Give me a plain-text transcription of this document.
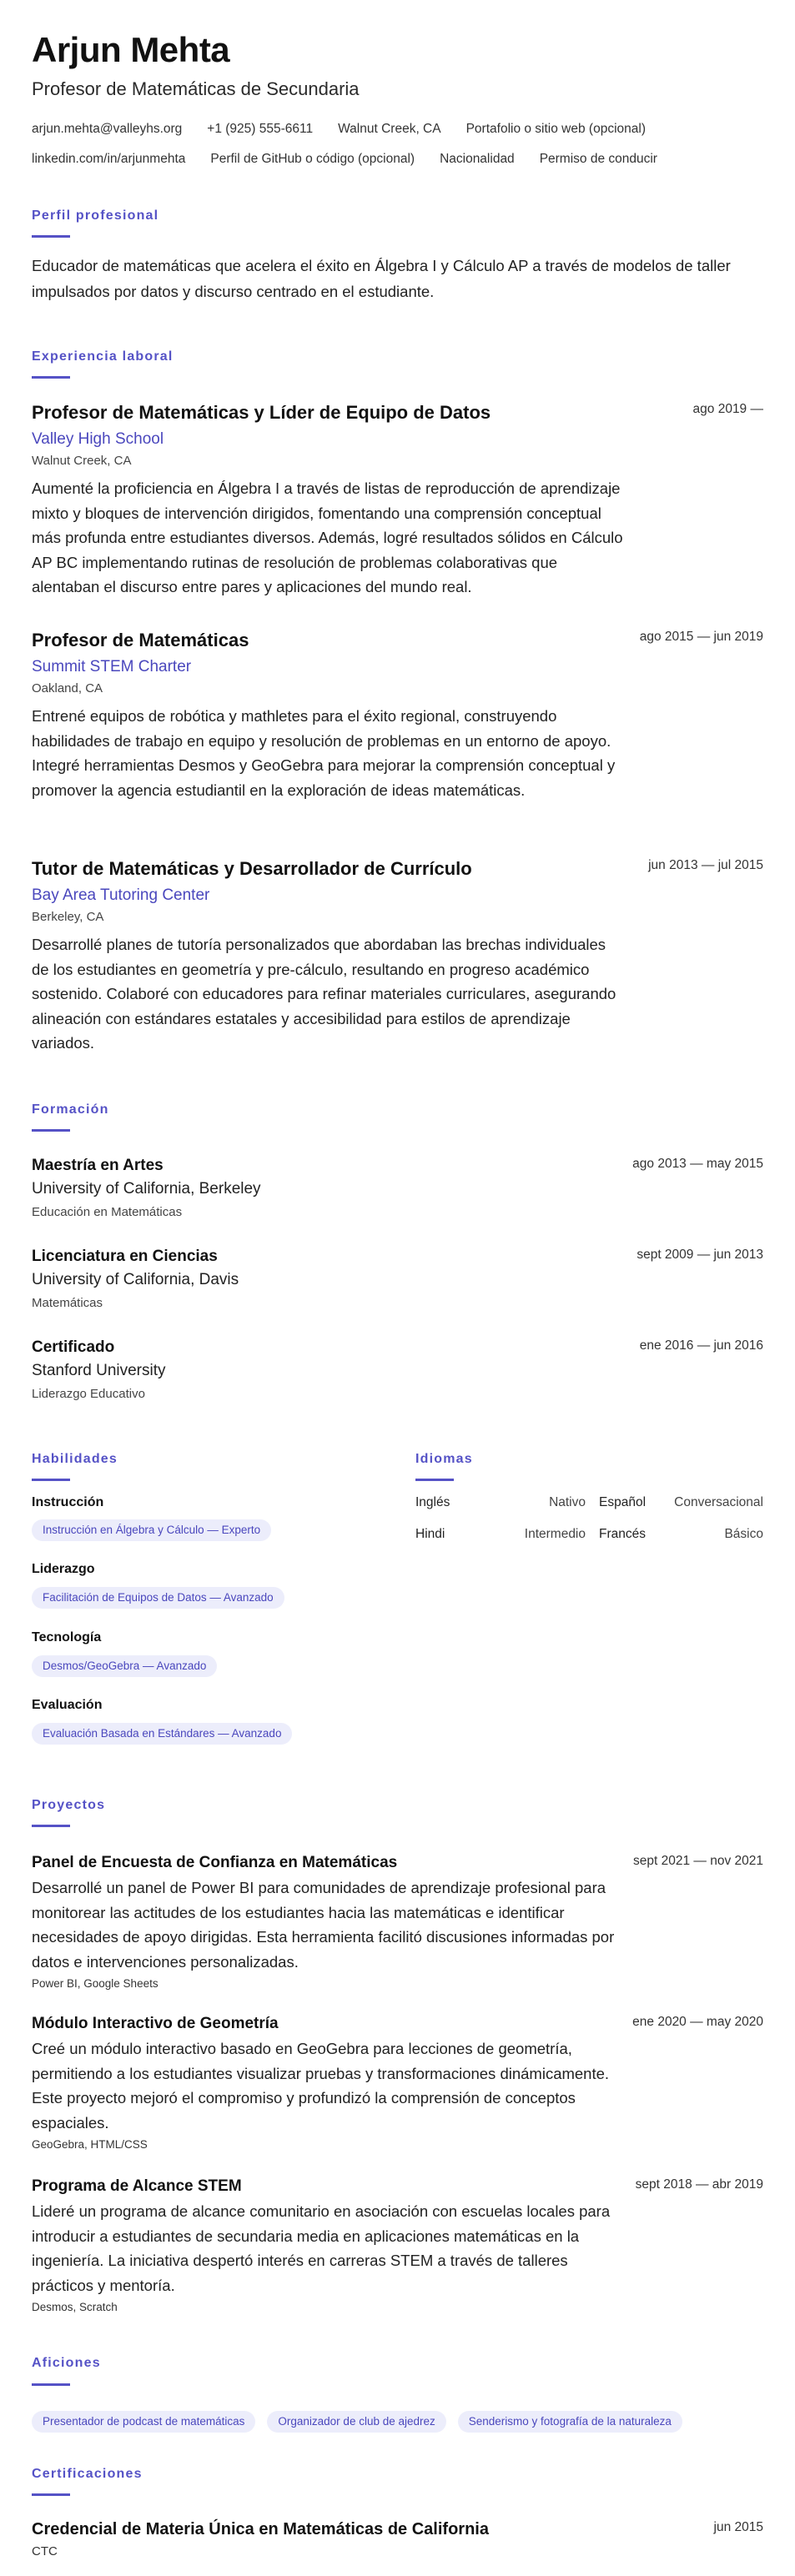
Arjun Mehta
Profesor de Matemáticas de Secundaria
arjun.mehta@valleyhs.org +1 (925) 555-6611 Walnut Creek, CA Portafolio o sitio web (opcional)
linkedin.com/in/arjunmehta Perfil de GitHub o código (opcional) Nacionalidad Permiso de conducir
Perfil profesional
Educador de matemáticas que acelera el éxito en Álgebra I y Cálculo AP a través de modelos de taller impulsados por datos y discurso centrado en el estudiante.
Experiencia laboral
Profesor de Matemáticas y Líder de Equipo de Datos	ago 2019 —
Valley High School
Walnut Creek, CA
Aumenté la proficiencia en Álgebra I a través de listas de reproducción de aprendizaje mixto y bloques de intervención dirigidos, fomentando una comprensión conceptual más profunda entre estudiantes diversos. Además, logré resultados sólidos en Cálculo AP BC implementando rutinas de resolución de problemas colaborativas que alentaban el discurso entre pares y aplicaciones del mundo real.
Profesor de Matemáticas	ago 2015 — jun 2019
Summit STEM Charter
Oakland, CA
Entrené equipos de robótica y mathletes para el éxito regional, construyendo habilidades de trabajo en equipo y resolución de problemas en un entorno de apoyo. Integré herramientas Desmos y GeoGebra para mejorar la comprensión conceptual y promover la agencia estudiantil en la exploración de ideas matemáticas.
Tutor de Matemáticas y Desarrollador de Currículo	jun 2013 — jul 2015
Bay Area Tutoring Center
Berkeley, CA
Desarrollé planes de tutoría personalizados que abordaban las brechas individuales de los estudiantes en geometría y pre-cálculo, resultando en progreso académico sostenido. Colaboré con educadores para refinar materiales curriculares, asegurando alineación con estándares estatales y accesibilidad para estilos de aprendizaje variados.
Formación
Maestría en Artes	ago 2013 — may 2015
University of California, Berkeley
Educación en Matemáticas
Licenciatura en Ciencias	sept 2009 — jun 2013
University of California, Davis
Matemáticas
Certificado	ene 2016 — jun 2016
Stanford University
Liderazgo Educativo
Habilidades
Instrucción
Instrucción en Álgebra y Cálculo — Experto
Liderazgo
Facilitación de Equipos de Datos — Avanzado
Tecnología
Desmos/GeoGebra — Avanzado
Evaluación
Evaluación Basada en Estándares — Avanzado
Idiomas
Inglés	Nativo Español	Conversacional
Hindi	Intermedio Francés	Básico
Proyectos
Panel de Encuesta de Confianza en Matemáticas	sept 2021 — nov 2021
Desarrollé un panel de Power BI para comunidades de aprendizaje profesional para monitorear las actitudes de los estudiantes hacia las matemáticas e identificar necesidades de apoyo dirigidas. Esta herramienta facilitó discusiones informadas por datos e intervenciones personalizadas.
Power BI, Google Sheets
Módulo Interactivo de Geometría	ene 2020 — may 2020
Creé un módulo interactivo basado en GeoGebra para lecciones de geometría, permitiendo a los estudiantes visualizar pruebas y transformaciones dinámicamente. Este proyecto mejoró el compromiso y profundizó la comprensión de conceptos espaciales.
GeoGebra, HTML/CSS
Programa de Alcance STEM	sept 2018 — abr 2019
Lideré un programa de alcance comunitario en asociación con escuelas locales para introducir a estudiantes de secundaria media en aplicaciones matemáticas en la ingeniería. La iniciativa despertó interés en carreras STEM a través de talleres prácticos y mentoría.
Desmos, Scratch
Aficiones
Presentador de podcast de matemáticas	Organizador de club de ajedrez	Senderismo y fotografía de la naturaleza
Certificaciones
Credencial de Materia Única en Matemáticas de California	jun 2015
CTC
